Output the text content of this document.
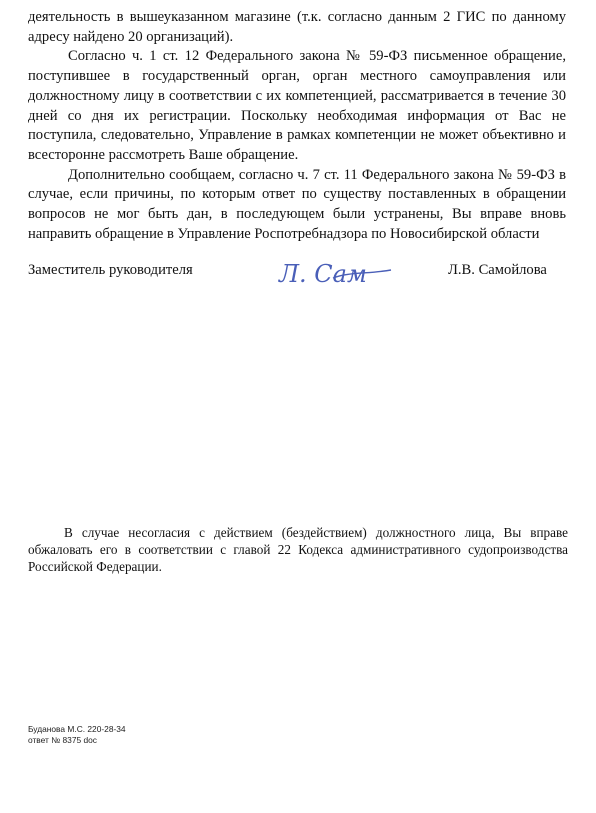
деятельность в вышеуказанном магазине (т.к. согласно данным 2 ГИС по данному адресу найдено 20 организаций).

Согласно ч. 1 ст. 12 Федерального закона № 59-ФЗ письменное обращение, поступившее в государственный орган, орган местного самоуправления или должностному лицу в соответствии с их компетенцией, рассматривается в течение 30 дней со дня их регистрации. Поскольку необходимая информация от Вас не поступила, следовательно, Управление в рамках компетенции не может объективно и всесторонне рассмотреть Ваше обращение.

Дополнительно сообщаем, согласно ч. 7 ст. 11 Федерального закона № 59-ФЗ в случае, если причины, по которым ответ по существу поставленных в обращении вопросов не мог быть дан, в последующем были устранены, Вы вправе вновь направить обращение в Управление Роспотребнадзора по Новосибирской области

Заместитель руководителя	Л. Сам	Л.В. Самойлова

В случае несогласия с действием (бездействием) должностного лица, Вы вправе обжаловать его в соответствии с главой 22 Кодекса административного судопроизводства Российской Федерации.

Буданова М.С. 220-28-34
ответ № 8375 doc
